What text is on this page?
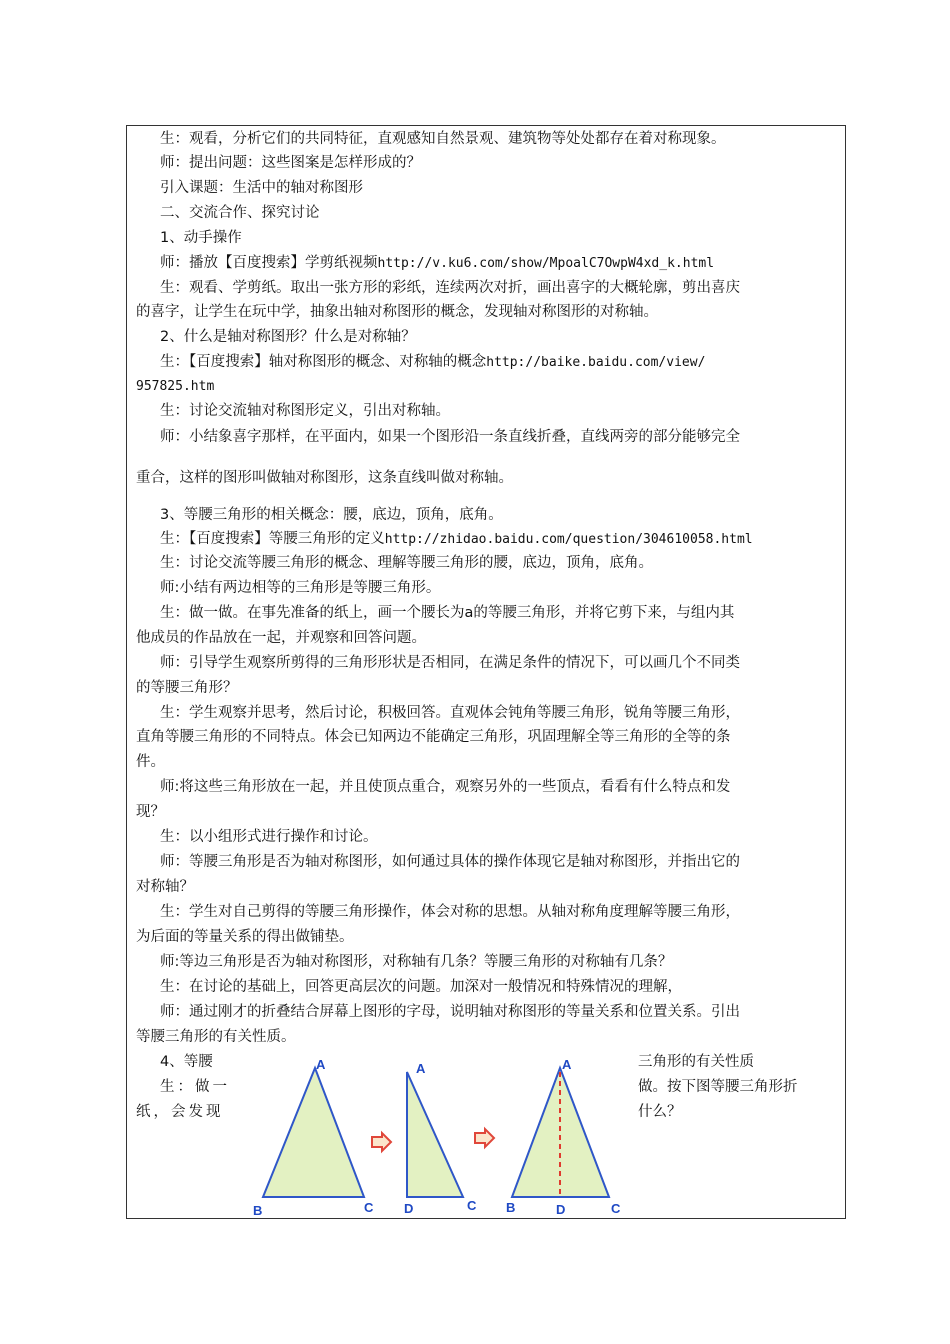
生：观看，分析它们的共同特征，直观感知自然景观、建筑物等处处都存在着对称现象。
师：提出问题：这些图案是怎样形成的？
引入课题：生活中的轴对称图形
二、交流合作、探究讨论
1、动手操作
师：播放【百度搜索】学剪纸视频http://v.ku6.com/show/MpoalC7OwpW4xd_k.html
生：观看、学剪纸。取出一张方形的彩纸，连续两次对折，画出喜字的大概轮廓，剪出喜庆
的喜字，让学生在玩中学，抽象出轴对称图形的概念，发现轴对称图形的对称轴。
2、什么是轴对称图形？什么是对称轴？
生：【百度搜索】轴对称图形的概念、对称轴的概念http://baike.baidu.com/view/
957825.htm
生：讨论交流轴对称图形定义，引出对称轴。
师：小结象喜字那样，在平面内，如果一个图形沿一条直线折叠，直线两旁的部分能够完全
重合，这样的图形叫做轴对称图形，这条直线叫做对称轴。
3、等腰三角形的相关概念：腰，底边，顶角，底角。
生：【百度搜索】等腰三角形的定义http://zhidao.baidu.com/question/304610058.html
生：讨论交流等腰三角形的概念、理解等腰三角形的腰，底边，顶角，底角。
师:小结有两边相等的三角形是等腰三角形。
生：做一做。在事先准备的纸上，画一个腰长为a的等腰三角形，并将它剪下来，与组内其
他成员的作品放在一起，并观察和回答问题。
师：引导学生观察所剪得的三角形形状是否相同，在满足条件的情况下，可以画几个不同类
的等腰三角形？
生：学生观察并思考，然后讨论，积极回答。直观体会钝角等腰三角形，锐角等腰三角形，
直角等腰三角形的不同特点。体会已知两边不能确定三角形，巩固理解全等三角形的全等的条
件。
师:将这些三角形放在一起，并且使顶点重合，观察另外的一些顶点，看看有什么特点和发
现？
生：以小组形式进行操作和讨论。
师：等腰三角形是否为轴对称图形，如何通过具体的操作体现它是轴对称图形，并指出它的
对称轴？
生：学生对自己剪得的等腰三角形操作，体会对称的思想。从轴对称角度理解等腰三角形，
为后面的等量关系的得出做铺垫。
师:等边三角形是否为轴对称图形，对称轴有几条？等腰三角形的对称轴有几条？
生：在讨论的基础上，回答更高层次的问题。加深对一般情况和特殊情况的理解，
师：通过刚才的折叠结合屏幕上图形的字母，说明轴对称图形的等量关系和位置关系。引出
等腰三角形的有关性质。
4、等腰	三角形的有关性质
生：做一	做。按下图等腰三角形折
纸，会发现	什么？
A
B	C
A
D	C
A
B	D	C
